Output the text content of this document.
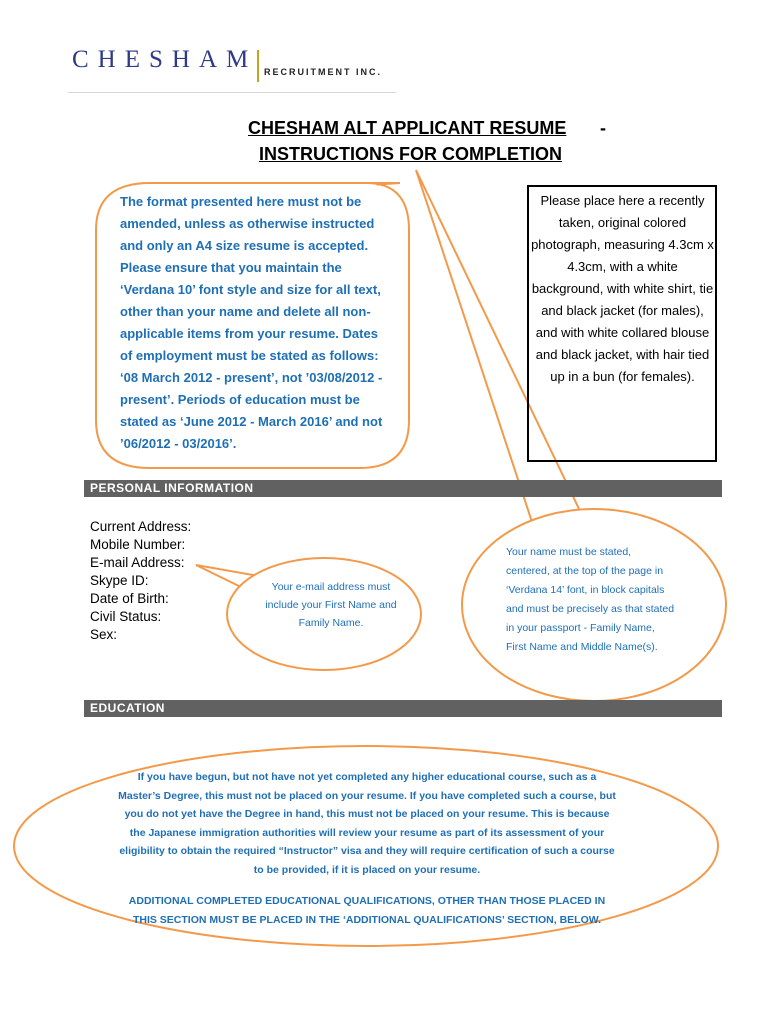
CHESHAM RECRUITMENT INC.
CHESHAM ALT APPLICANT RESUME -
INSTRUCTIONS FOR COMPLETION
The format presented here must not be amended, unless as otherwise instructed and only an A4 size resume is accepted. Please ensure that you maintain the ‘Verdana 10’ font style and size for all text, other than your name and delete all non-applicable items from your resume. Dates of employment must be stated as follows: ‘08 March 2012 - present’, not ’03/08/2012 - present’. Periods of education must be stated as ‘June 2012 - March 2016’ and not ’06/2012 - 03/2016’.
Please place here a recently taken, original colored photograph, measuring 4.3cm x 4.3cm, with a white background, with white shirt, tie and black jacket (for males), and with white collared blouse and black jacket, with hair tied up in a bun (for females).
PERSONAL INFORMATION
EDUCATION
Current Address:
Mobile Number:
E-mail Address:
Skype ID:
Date of Birth:
Civil Status:
Sex:
Your e-mail address must include your First Name and Family Name.
Your name must be stated, centered, at the top of the page in ‘Verdana 14’ font, in block capitals and must be precisely as that stated in your passport - Family Name, First Name and Middle Name(s).
If you have begun, but not have not yet completed any higher educational course, such as a Master’s Degree, this must not be placed on your resume. If you have completed such a course, but you do not yet have the Degree in hand, this must not be placed on your resume. This is because the Japanese immigration authorities will review your resume as part of its assessment of your eligibility to obtain the required “Instructor” visa and they will require certification of such a course to be provided, if it is placed on your resume.
ADDITIONAL COMPLETED EDUCATIONAL QUALIFICATIONS, OTHER THAN THOSE PLACED IN THIS SECTION MUST BE PLACED IN THE ‘ADDITIONAL QUALIFICATIONS’ SECTION, BELOW.
